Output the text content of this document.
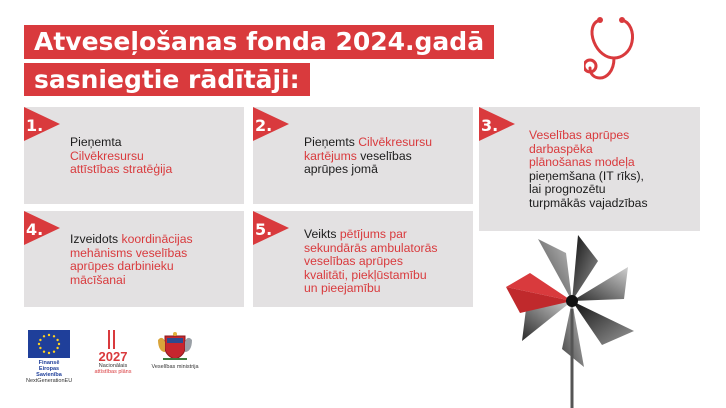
Atveseļošanas fonda 2024.gadā
sasniegtie rādītāji:
1.
Pieņemta
Cilvēkresursu
attīstības stratēģija
2.
Pieņemts Cilvēkresursu
kartējums veselības
aprūpes jomā
3.	Veselības aprūpes
darbaspēka
plānošanas modeļa
pieņemšana (IT rīks),
lai prognozētu
turpmākās vajadzības
4. Izveidots koordinācijas
mehānisms veselības
aprūpes darbinieku
mācīšanai
5.	Veikts pētījums par
sekundārās ambulatorās
veselības aprūpes
kvalitāti, piekļūstamību
un pieejamību
Finansē
Eiropas Savienība
NextGenerationEU
2027
Nacionālais
attīstības plāns
Veselības ministrija
